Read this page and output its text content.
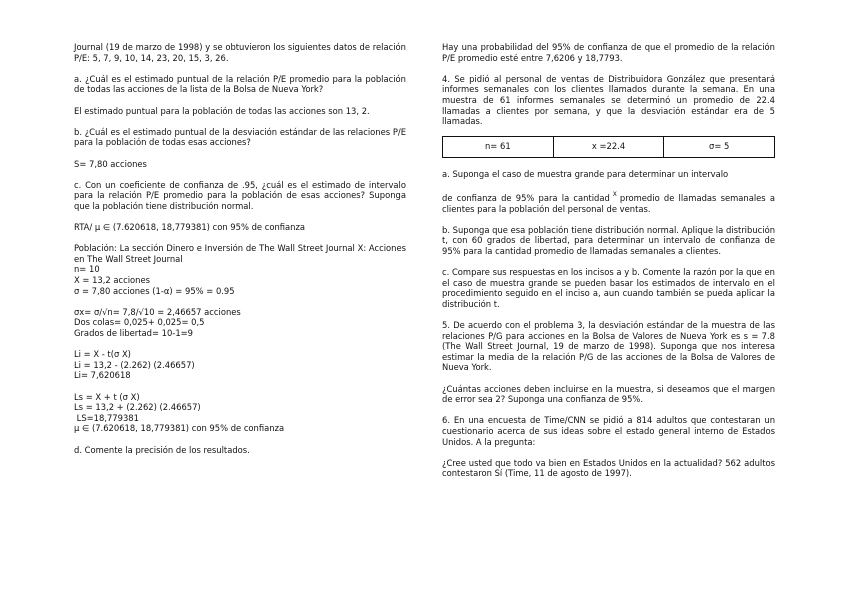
Journal (19 de marzo de 1998) y se obtuvieron los siguientes datos de relación P/E: 5, 7, 9, 10, 14, 23, 20, 15, 3, 26.

a. ¿Cuál es el estimado puntual de la relación P/E promedio para la población de todas las acciones de la lista de la Bolsa de Nueva York?

El estimado puntual para la población de todas las acciones son 13, 2.

b. ¿Cuál es el estimado puntual de la desviación estándar de las relaciones P/E para la población de todas esas acciones?

S= 7,80 acciones

c. Con un coeficiente de confianza de .95, ¿cuál es el estimado de intervalo para la relación P/E promedio para la población de esas acciones? Suponga que la población tiene distribución normal.

RTA/ µ ∈ (7.620618, 18,779381) con 95% de confianza

Población: La sección Dinero e Inversión de The Wall Street Journal X: Acciones en The Wall Street Journal

n= 10
X = 13,2 acciones
σ = 7,80 acciones (1-α) = 95% = 0.95
σx= σ/√n= 7,8/√10 = 2,46657 acciones
Dos colas= 0,025+ 0,025= 0,5
Grados de libertad= 10-1=9
Li = X - t(σ X)
Li = 13,2 - (2.262) (2.46657)
Li= 7,620618
Ls = X + t (σ X)
Ls = 13,2 + (2.262) (2.46657)
LS=18,779381
µ ∈ (7.620618, 18,779381) con 95% de confianza

d. Comente la precisión de los resultados.

Hay una probabilidad del 95% de confianza de que el promedio de la relación P/E promedio esté entre 7,6206 y 18,7793.

4. Se pidió al personal de ventas de Distribuidora González que presentará informes semanales con los clientes llamados durante la semana. En una muestra de 61 informes semanales se determinó un promedio de 22.4 llamadas a clientes por semana, y que la desviación estándar era de 5 llamadas.

n= 61	x =22.4	σ= 5

a. Suponga el caso de muestra grande para determinar un intervalo

de confianza de 95% para la cantidad $^X$ promedio de llamadas semanales a clientes para la población del personal de ventas.

b. Suponga que esa población tiene distribución normal. Aplique la distribución t, con 60 grados de libertad, para determinar un intervalo de confianza de 95% para la cantidad promedio de llamadas semanales a clientes.

c. Compare sus respuestas en los incisos a y b. Comente la razón por la que en el caso de muestra grande se pueden basar los estimados de intervalo en el procedimiento seguido en el inciso a, aun cuando también se pueda aplicar la distribución t.

5. De acuerdo con el problema 3, la desviación estándar de la muestra de las relaciones P/G para acciones en la Bolsa de Valores de Nueva York es s = 7.8 (The Wall Street Journal, 19 de marzo de 1998). Suponga que nos interesa estimar la media de la relación P/G de las acciones de la Bolsa de Valores de Nueva York.

¿Cuántas acciones deben incluirse en la muestra, si deseamos que el margen de error sea 2? Suponga una confianza de 95%.

6. En una encuesta de Time/CNN se pidió a 814 adultos que contestaran un cuestionario acerca de sus ideas sobre el estado general interno de Estados Unidos. A la pregunta:

¿Cree usted que todo va bien en Estados Unidos en la actualidad? 562 adultos contestaron Sí (Time, 11 de agosto de 1997).
